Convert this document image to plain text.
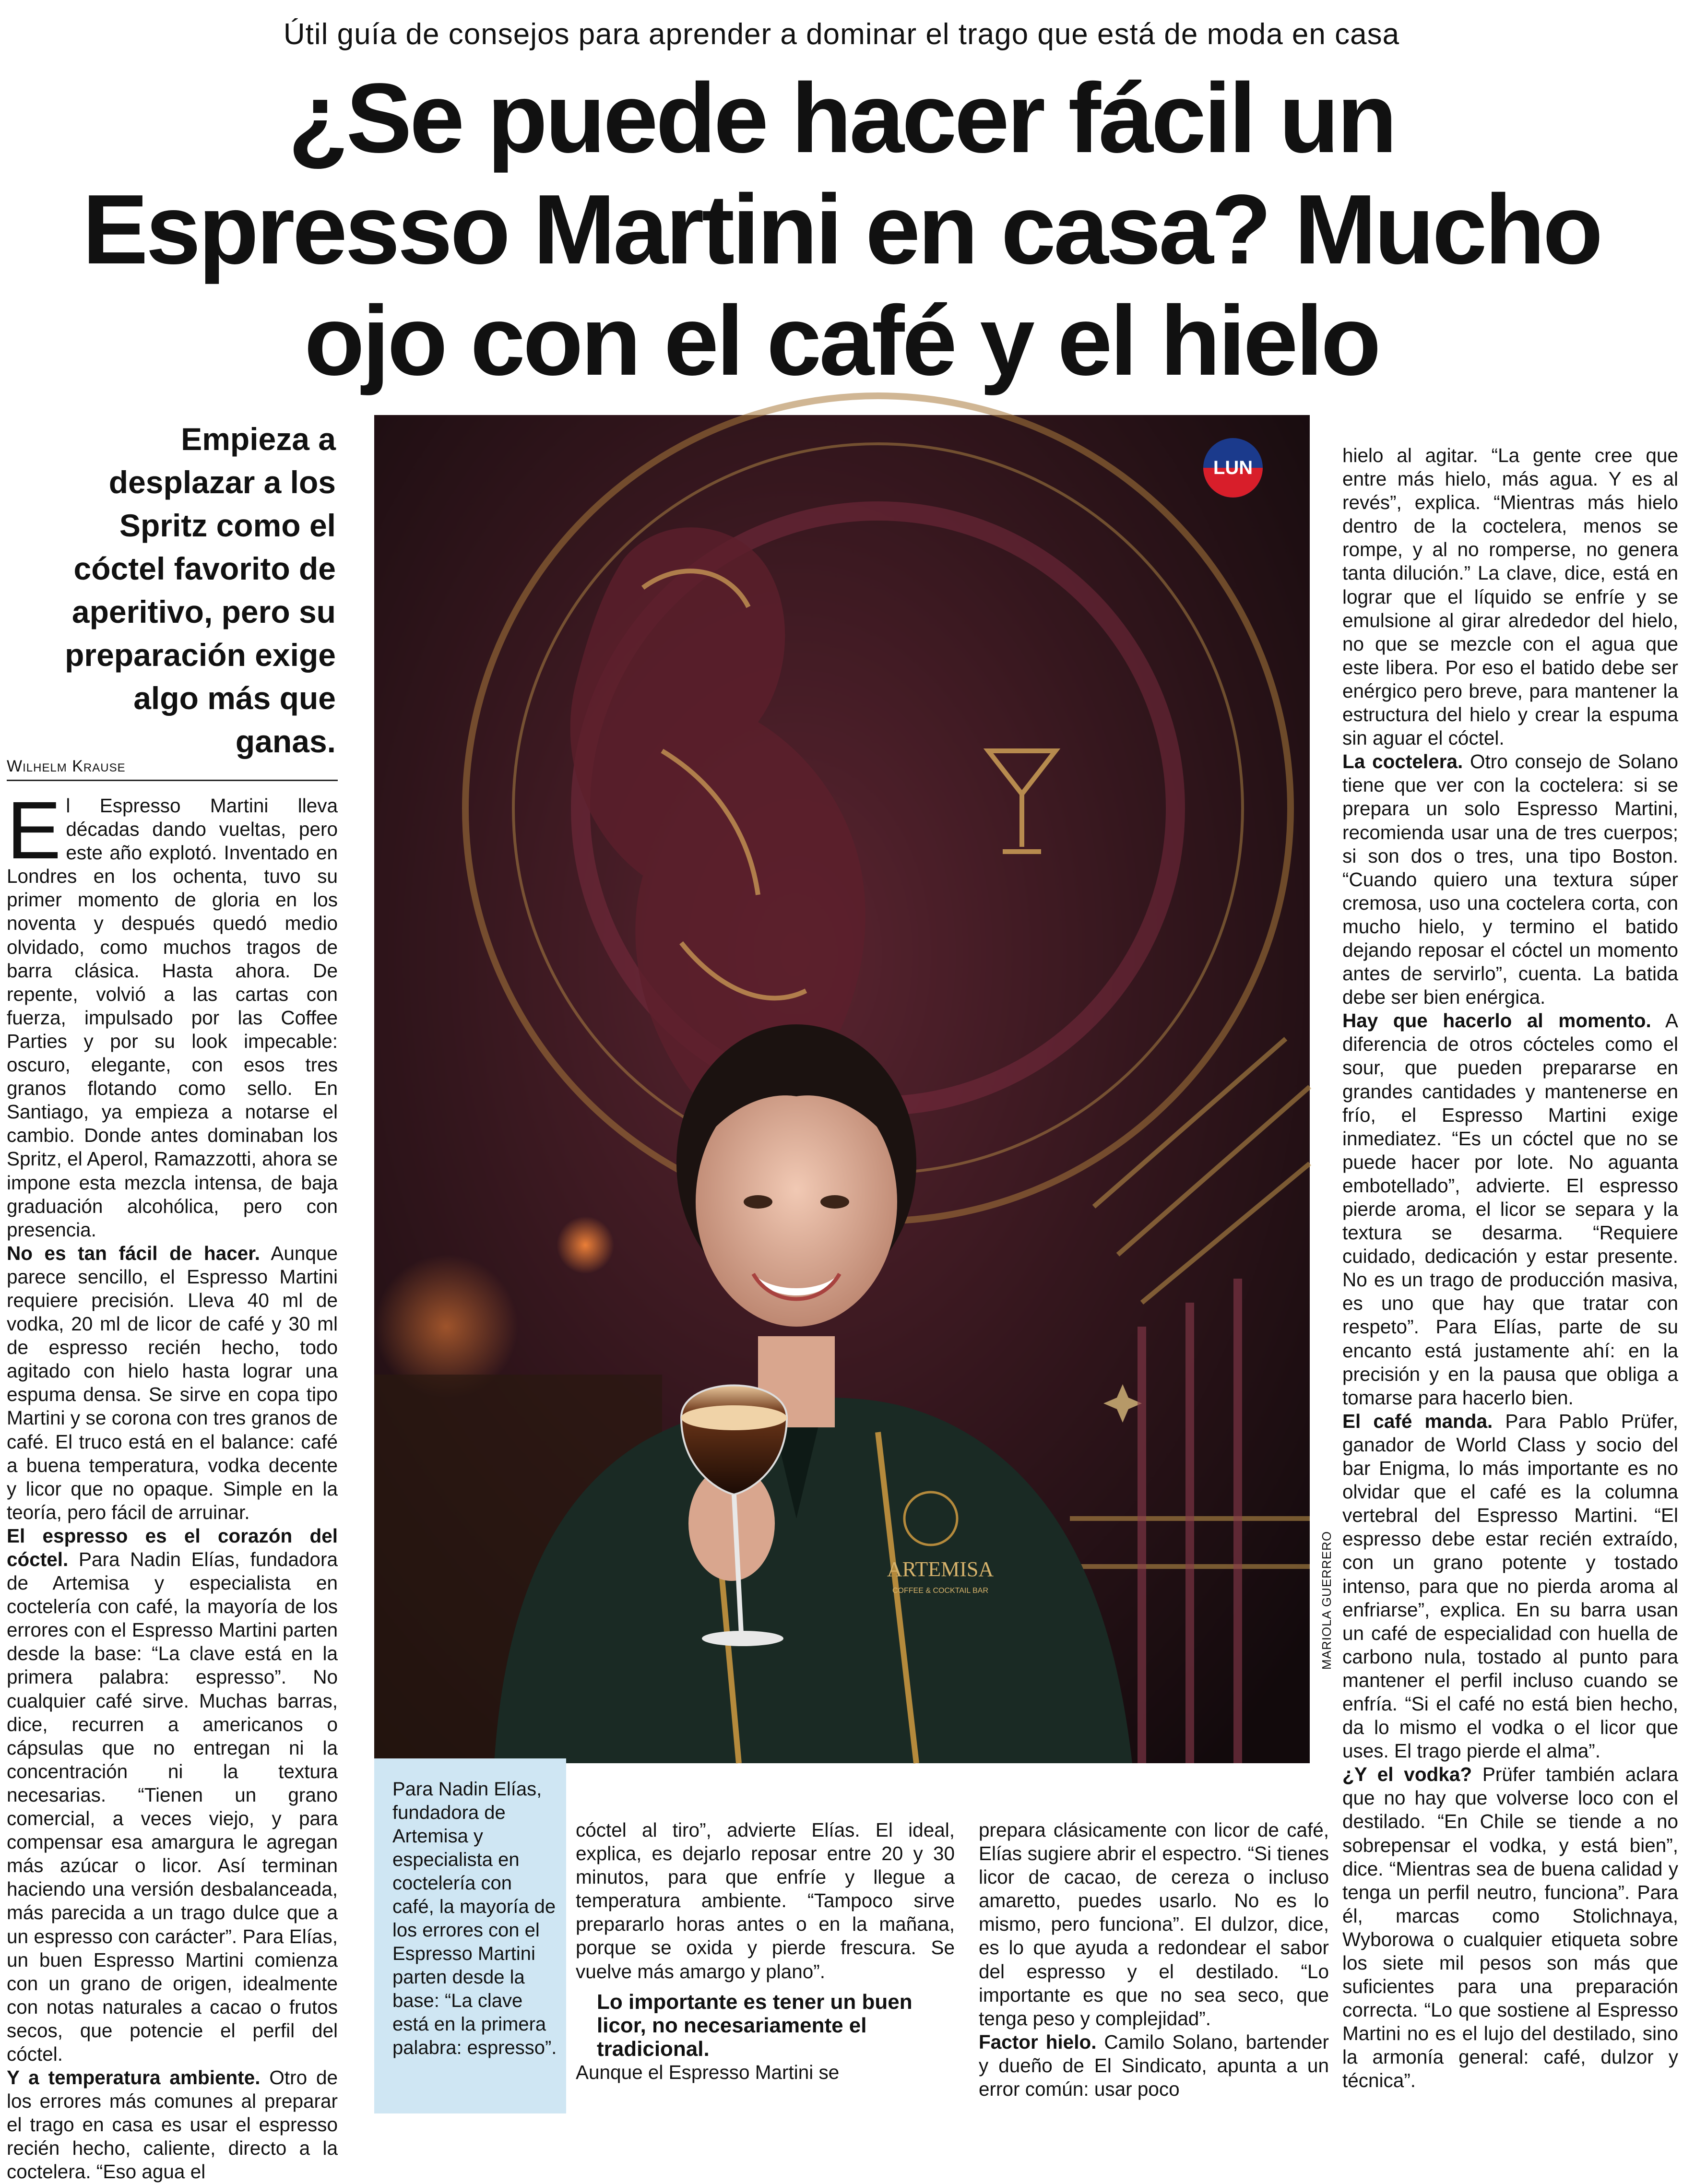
Útil guía de consejos para aprender a dominar el trago que está de moda en casa
¿Se puede hacer fácil un
Espresso Martini en casa? Mucho
ojo con el café y el hielo
Empieza a desplazar a los Spritz como el cóctel favorito de aperitivo, pero su preparación exige algo más que ganas.
Wilhelm Krause

El Espresso Martini lleva décadas dando vueltas, pero este año explotó. Inventado en Londres en los ochenta, tuvo su primer momento de gloria en los noventa y después quedó medio olvidado, como muchos tragos de barra clásica. Hasta ahora. De repente, volvió a las cartas con fuerza, impulsado por las Coffee Parties y por su look impecable: oscuro, elegante, con esos tres granos flotando como sello. En Santiago, ya empieza a notarse el cambio. Donde antes dominaban los Spritz, el Aperol, Ramazzotti, ahora se impone esta mezcla intensa, de baja graduación alcohólica, pero con presencia.

No es tan fácil de hacer. Aunque parece sencillo, el Espresso Martini requiere precisión. Lleva 40 ml de vodka, 20 ml de licor de café y 30 ml de espresso recién hecho, todo agitado con hielo hasta lograr una espuma densa. Se sirve en copa tipo Martini y se corona con tres granos de café. El truco está en el balance: café a buena temperatura, vodka decente y licor que no opaque. Simple en la teoría, pero fácil de arruinar.

El espresso es el corazón del cóctel. Para Nadin Elías, fundadora de Artemisa y especialista en coctelería con café, la mayoría de los errores con el Espresso Martini parten desde la base: “La clave está en la primera palabra: espresso”. No cualquier café sirve. Muchas barras, dice, recurren a americanos o cápsulas que no entregan ni la concentración ni la textura necesarias. “Tienen un grano comercial, a veces viejo, y para compensar esa amargura le agregan más azúcar o licor. Así terminan haciendo una versión desbalanceada, más parecida a un trago dulce que a un espresso con carácter”. Para Elías, un buen Espresso Martini comienza con un grano de origen, idealmente con notas naturales a cacao o frutos secos, que potencie el perfil del cóctel.

Y a temperatura ambiente. Otro de los errores más comunes al preparar el trago en casa es usar el espresso recién hecho, caliente, directo a la coctelera. “Eso agua el

ARTEMISA
COFFEE & COCKTAIL BAR
LUN
MARIOLA GUERRERO
Para Nadin Elías, fundadora de Artemisa y especialista en coctelería con café, la mayoría de los errores con el Espresso Martini parten desde la base: “La clave está en la primera palabra: espresso”.

cóctel al tiro”, advierte Elías. El ideal, explica, es dejarlo reposar entre 20 y 30 minutos, para que enfríe y llegue a temperatura ambiente. “Tampoco sirve prepararlo horas antes o en la mañana, porque se oxida y pierde frescura. Se vuelve más amargo y plano”.

Lo importante es tener un buen licor, no necesariamente el tradicional.

Aunque el Espresso Martini se

prepara clásicamente con licor de café, Elías sugiere abrir el espectro. “Si tienes licor de cacao, de cereza o incluso amaretto, puedes usarlo. No es lo mismo, pero funciona”. El dulzor, dice, es lo que ayuda a redondear el sabor del espresso y el destilado. “Lo importante es que no sea seco, que tenga peso y complejidad”.

Factor hielo. Camilo Solano, bartender y dueño de El Sindicato, apunta a un error común: usar poco

hielo al agitar. “La gente cree que entre más hielo, más agua. Y es al revés”, explica. “Mientras más hielo dentro de la coctelera, menos se rompe, y al no romperse, no genera tanta dilución.” La clave, dice, está en lograr que el líquido se enfríe y se emulsione al girar alrededor del hielo, no que se mezcle con el agua que este libera. Por eso el batido debe ser enérgico pero breve, para mantener la estructura del hielo y crear la espuma sin aguar el cóctel.

La coctelera. Otro consejo de Solano tiene que ver con la coctelera: si se prepara un solo Espresso Martini, recomienda usar una de tres cuerpos; si son dos o tres, una tipo Boston. “Cuando quiero una textura súper cremosa, uso una coctelera corta, con mucho hielo, y termino el batido dejando reposar el cóctel un momento antes de servirlo”, cuenta. La batida debe ser bien enérgica.

Hay que hacerlo al momento. A diferencia de otros cócteles como el sour, que pueden prepararse en grandes cantidades y mantenerse en frío, el Espresso Martini exige inmediatez. “Es un cóctel que no se puede hacer por lote. No aguanta embotellado”, advierte. El espresso pierde aroma, el licor se separa y la textura se desarma. “Requiere cuidado, dedicación y estar presente. No es un trago de producción masiva, es uno que hay que tratar con respeto”. Para Elías, parte de su encanto está justamente ahí: en la precisión y en la pausa que obliga a tomarse para hacerlo bien.

El café manda. Para Pablo Prüfer, ganador de World Class y socio del bar Enigma, lo más importante es no olvidar que el café es la columna vertebral del Espresso Martini. “El espresso debe estar recién extraído, con un grano potente y tostado intenso, para que no pierda aroma al enfriarse”, explica. En su barra usan un café de especialidad con huella de carbono nula, tostado al punto para mantener el perfil incluso cuando se enfría. “Si el café no está bien hecho, da lo mismo el vodka o el licor que uses. El trago pierde el alma”.

¿Y el vodka? Prüfer también aclara que no hay que volverse loco con el destilado. “En Chile se tiende a no sobrepensar el vodka, y está bien”, dice. “Mientras sea de buena calidad y tenga un perfil neutro, funciona”. Para él, marcas como Stolichnaya, Wyborowa o cualquier etiqueta sobre los siete mil pesos son más que suficientes para una preparación correcta. “Lo que sostiene al Espresso Martini no es el lujo del destilado, sino la armonía general: café, dulzor y técnica”.
